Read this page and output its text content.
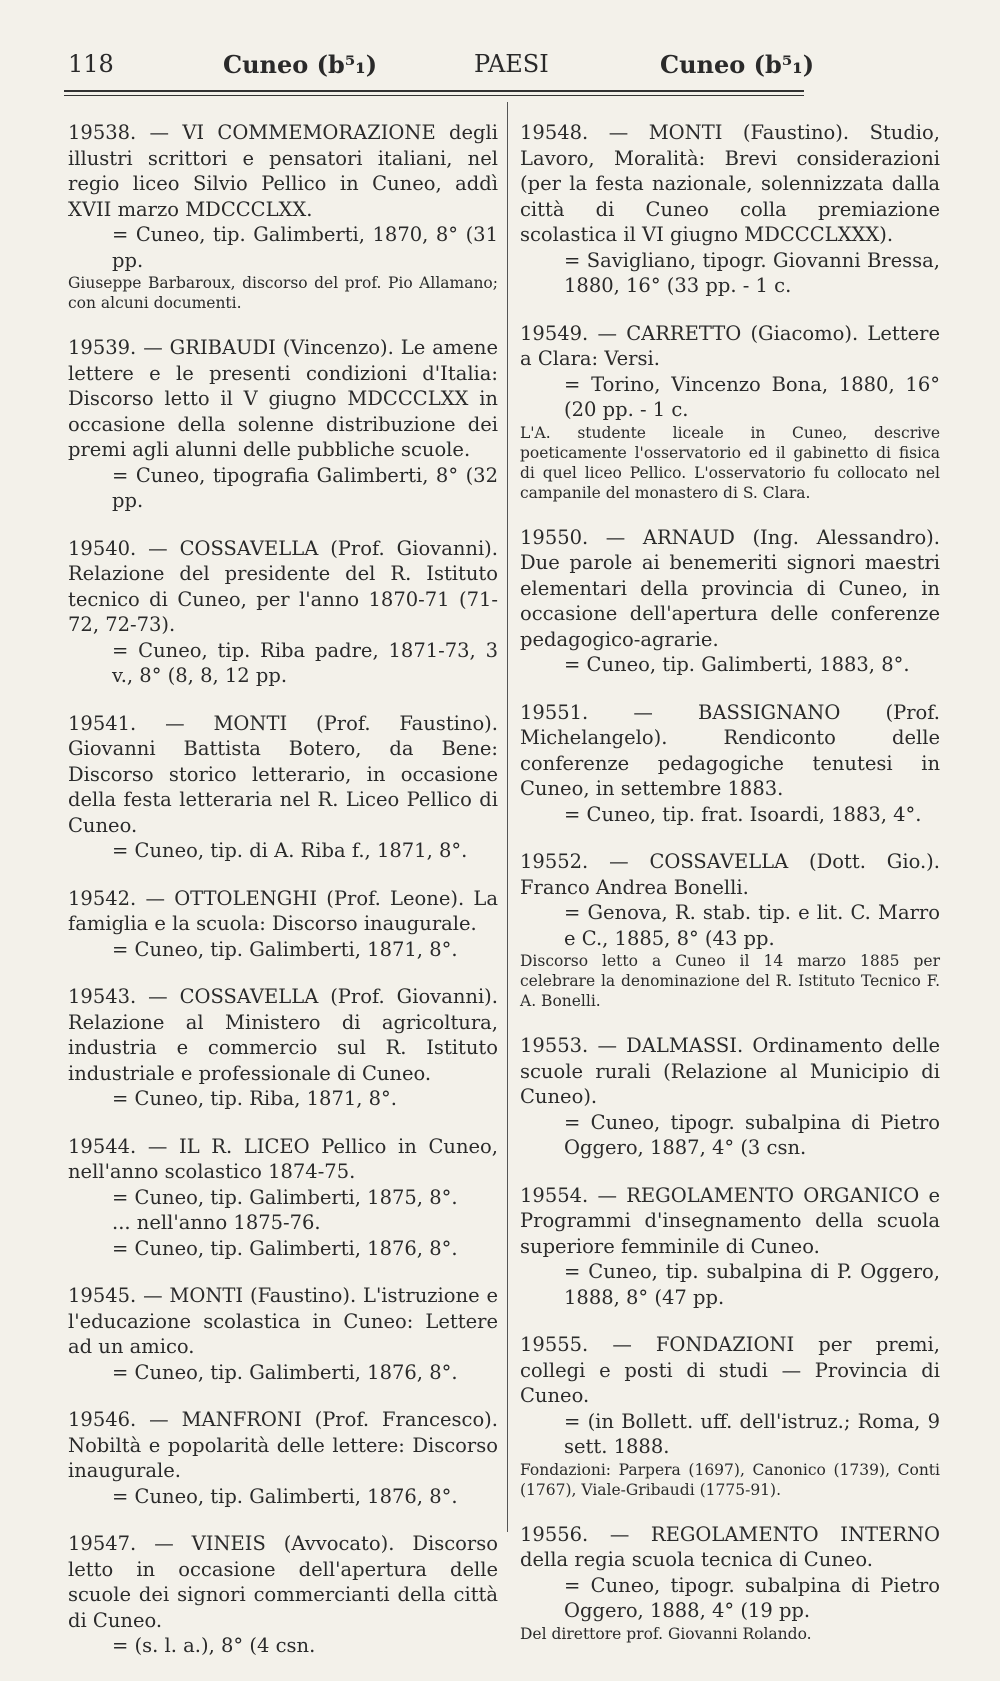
118	Cuneo (b⁵₁)	PAESI	Cuneo (b⁵₁)

19538. — VI COMMEMORAZIONE degli illustri scrittori e pensatori italiani, nel regio liceo Silvio Pellico in Cuneo, addì XVII marzo MDCCCLXX.

= Cuneo, tip. Galimberti, 1870, 8° (31 pp.

Giuseppe Barbaroux, discorso del prof. Pio Allamano; con alcuni documenti.

19539. — GRIBAUDI (Vincenzo). Le amene lettere e le presenti condizioni d'Italia: Discorso letto il V giugno MDCCCLXX in occasione della solenne distribuzione dei premi agli alunni delle pubbliche scuole.

= Cuneo, tipografia Galimberti, 8° (32 pp.

19540. — COSSAVELLA (Prof. Giovanni). Relazione del presidente del R. Istituto tecnico di Cuneo, per l'anno 1870-71 (71-72, 72-73).

= Cuneo, tip. Riba padre, 1871-73, 3 v., 8° (8, 8, 12 pp.

19541. — MONTI (Prof. Faustino). Giovanni Battista Botero, da Bene: Discorso storico letterario, in occasione della festa letteraria nel R. Liceo Pellico di Cuneo.

= Cuneo, tip. di A. Riba f., 1871, 8°.

19542. — OTTOLENGHI (Prof. Leone). La famiglia e la scuola: Discorso inaugurale.

= Cuneo, tip. Galimberti, 1871, 8°.

19543. — COSSAVELLA (Prof. Giovanni). Relazione al Ministero di agricoltura, industria e commercio sul R. Istituto industriale e professionale di Cuneo.

= Cuneo, tip. Riba, 1871, 8°.

19544. — IL R. LICEO Pellico in Cuneo, nell'anno scolastico 1874-75.

= Cuneo, tip. Galimberti, 1875, 8°.

... nell'anno 1875-76.

= Cuneo, tip. Galimberti, 1876, 8°.

19545. — MONTI (Faustino). L'istruzione e l'educazione scolastica in Cuneo: Lettere ad un amico.

= Cuneo, tip. Galimberti, 1876, 8°.

19546. — MANFRONI (Prof. Francesco). Nobiltà e popolarità delle lettere: Discorso inaugurale.

= Cuneo, tip. Galimberti, 1876, 8°.

19547. — VINEIS (Avvocato). Discorso letto in occasione dell'apertura delle scuole dei signori commercianti della città di Cuneo.

= (s. l. a.), 8° (4 csn.

19548. — MONTI (Faustino). Studio, Lavoro, Moralità: Brevi considerazioni (per la festa nazionale, solennizzata dalla città di Cuneo colla premiazione scolastica il VI giugno MDCCCLXXX).

= Savigliano, tipogr. Giovanni Bressa, 1880, 16° (33 pp. - 1 c.

19549. — CARRETTO (Giacomo). Lettere a Clara: Versi.

= Torino, Vincenzo Bona, 1880, 16° (20 pp. - 1 c.

L'A. studente liceale in Cuneo, descrive poeticamente l'osservatorio ed il gabinetto di fisica di quel liceo Pellico. L'osservatorio fu collocato nel campanile del monastero di S. Clara.

19550. — ARNAUD (Ing. Alessandro). Due parole ai benemeriti signori maestri elementari della provincia di Cuneo, in occasione dell'apertura delle conferenze pedagogico-agrarie.

= Cuneo, tip. Galimberti, 1883, 8°.

19551. — BASSIGNANO (Prof. Michelangelo). Rendiconto delle conferenze pedagogiche tenutesi in Cuneo, in settembre 1883.

= Cuneo, tip. frat. Isoardi, 1883, 4°.

19552. — COSSAVELLA (Dott. Gio.). Franco Andrea Bonelli.

= Genova, R. stab. tip. e lit. C. Marro e C., 1885, 8° (43 pp.

Discorso letto a Cuneo il 14 marzo 1885 per celebrare la denominazione del R. Istituto Tecnico F. A. Bonelli.

19553. — DALMASSI. Ordinamento delle scuole rurali (Relazione al Municipio di Cuneo).

= Cuneo, tipogr. subalpina di Pietro Oggero, 1887, 4° (3 csn.

19554. — REGOLAMENTO ORGANICO e Programmi d'insegnamento della scuola superiore femminile di Cuneo.

= Cuneo, tip. subalpina di P. Oggero, 1888, 8° (47 pp.

19555. — FONDAZIONI per premi, collegi e posti di studi — Provincia di Cuneo.

= (in Bollett. uff. dell'istruz.; Roma, 9 sett. 1888.

Fondazioni: Parpera (1697), Canonico (1739), Conti (1767), Viale-Gribaudi (1775-91).

19556. — REGOLAMENTO INTERNO della regia scuola tecnica di Cuneo.

= Cuneo, tipogr. subalpina di Pietro Oggero, 1888, 4° (19 pp.

Del direttore prof. Giovanni Rolando.
